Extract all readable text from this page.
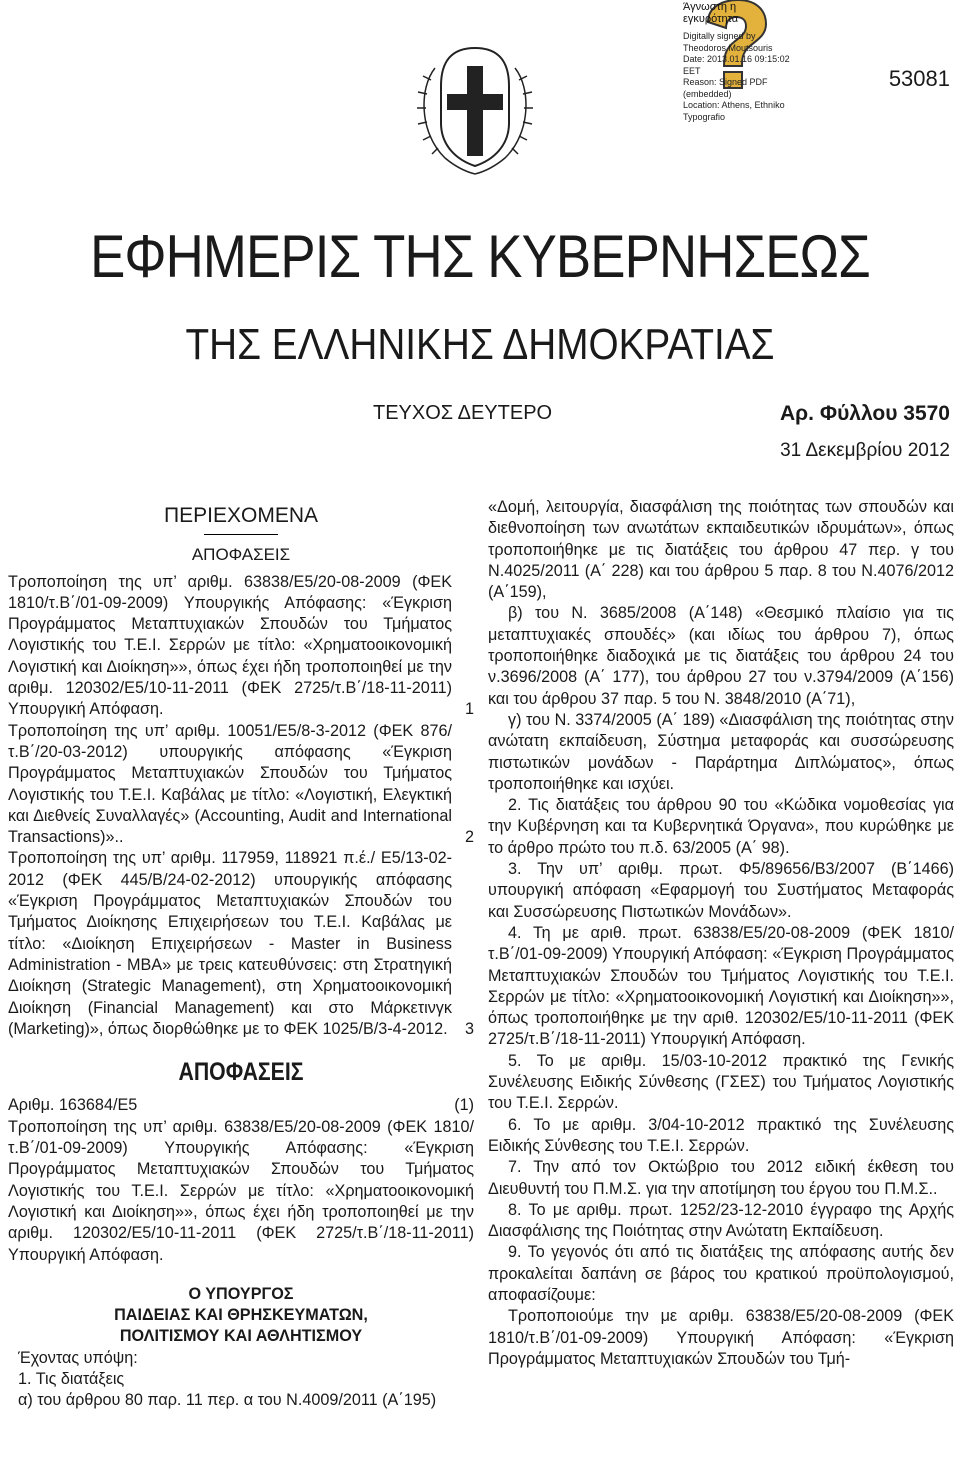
Άγνωστη η
εγκυρότητα
Digitally signed by
Theodoros Moutsouris
Date: 2013.01.16 09:15:02
EET
Reason: Signed PDF
(embedded)
Location: Athens, Ethniko
Typografio
53081
ΕΦΗΜΕΡΙΣ ΤΗΣ ΚΥΒΕΡΝΗΣΕΩΣ
ΤΗΣ ΕΛΛΗΝΙΚΗΣ ΔΗΜΟΚΡΑΤΙΑΣ
ΤΕΥΧΟΣ ΔΕΥΤΕΡΟ	Αρ. Φύλλου 3570
31 Δεκεμβρίου 2012
ΠΕΡΙΕΧΟΜΕΝΑ
ΑΠΟΦΑΣΕΙΣ
Τροποποίηση της υπ’ αριθμ. 63838/Ε5/20-08-2009 (ΦΕΚ 1810/τ.Β΄/01-09-2009) Υπουργικής Απόφασης: «Έγκριση Προγράμματος Μεταπτυχιακών Σπουδών του Τμήματος Λογιστικής του Τ.Ε.Ι. Σερρών με τίτλο: «Χρηματοοικονομική Λογιστική και Διοίκηση»», όπως έχει ήδη τροποποιηθεί με την αριθμ. 120302/Ε5/10-11-2011 (ΦΕΚ 2725/τ.Β΄/18-11-2011) Υπουργική Απόφαση.	1
Τροποποίηση της υπ’ αριθμ. 10051/Ε5/8-3-2012 (ΦΕΚ 876/τ.Β΄/20-03-2012) υπουργικής απόφασης «Έγκριση Προγράμματος Μεταπτυχιακών Σπουδών του Τμήματος Λογιστικής του Τ.Ε.Ι. Καβάλας με τίτλο: «Λογιστική, Ελεγκτική και Διεθνείς Συναλλαγές» (Accounting, Audit and International Transactions)»..	2
Τροποποίηση της υπ’ αριθμ. 117959, 118921 π.έ./ Ε5/13-02-2012 (ΦΕΚ 445/Β/24-02-2012) υπουργικής απόφασης «Έγκριση Προγράμματος Μεταπτυχιακών Σπουδών του Τμήματος Διοίκησης Επιχειρήσεων του Τ.Ε.Ι. Καβάλας με τίτλο: «Διοίκηση Επιχειρήσεων - Master in Business Administration - MBA» με τρεις κατευθύνσεις: στη Στρατηγική Διοίκηση (Strategic Management), στη Χρηματοοικονομική Διοίκηση (Financial Management) και στο Μάρκετινγκ (Marketing)», όπως διορθώθηκε με το ΦΕΚ 1025/Β/3-4-2012. 3
ΑΠΟΦΑΣΕΙΣ
Αριθμ. 163684/Ε5	(1)

Τροποποίηση της υπ’ αριθμ. 63838/Ε5/20-08-2009 (ΦΕΚ 1810/τ.Β΄/01-09-2009) Υπουργικής Απόφασης: «Έγκριση Προγράμματος Μεταπτυχιακών Σπουδών του Τμήματος Λογιστικής του Τ.Ε.Ι. Σερρών με τίτλο: «Χρηματοοικονομική Λογιστική και Διοίκηση»», όπως έχει ήδη τροποποιηθεί με την αριθμ. 120302/Ε5/10-11-2011 (ΦΕΚ 2725/τ.Β΄/18-11-2011) Υπουργική Απόφαση.

Ο ΥΠΟΥΡΓΟΣ
ΠΑΙΔΕΙΑΣ ΚΑΙ ΘΡΗΣΚΕΥΜΑΤΩΝ,
ΠΟΛΙΤΙΣΜΟΥ ΚΑΙ ΑΘΛΗΤΙΣΜΟΥ

Έχοντας υπόψη:

1. Τις διατάξεις

α) του άρθρου 80 παρ. 11 περ. α του Ν.4009/2011 (Α΄195)

«Δομή, λειτουργία, διασφάλιση της ποιότητας των σπουδών και διεθνοποίηση των ανωτάτων εκπαιδευτικών ιδρυμάτων», όπως τροποποιήθηκε με τις διατάξεις του άρθρου 47 περ. γ του Ν.4025/2011 (Α΄ 228) και του άρθρου 5 παρ. 8 του Ν.4076/2012 (Α΄159),

β) του Ν. 3685/2008 (Α΄148) «Θεσμικό πλαίσιο για τις μεταπτυχιακές σπουδές» (και ιδίως του άρθρου 7), όπως τροποποιήθηκε διαδοχικά με τις διατάξεις του άρθρου 24 του ν.3696/2008 (Α΄ 177), του άρθρου 27 του ν.3794/2009 (Α΄156) και του άρθρου 37 παρ. 5 του Ν. 3848/2010 (Α΄71),

γ) του Ν. 3374/2005 (Α΄ 189) «Διασφάλιση της ποιότητας στην ανώτατη εκπαίδευση, Σύστημα μεταφοράς και συσσώρευσης πιστωτικών μονάδων - Παράρτημα Διπλώματος», όπως τροποποιήθηκε και ισχύει.

2. Τις διατάξεις του άρθρου 90 του «Κώδικα νομοθεσίας για την Κυβέρνηση και τα Κυβερνητικά Όργανα», που κυρώθηκε με το άρθρο πρώτο του π.δ. 63/2005 (Α΄ 98).

3. Την υπ’ αριθμ. πρωτ. Φ5/89656/Β3/2007 (Β΄1466) υπουργική απόφαση «Εφαρμογή του Συστήματος Μεταφοράς και Συσσώρευσης Πιστωτικών Μονάδων».

4. Τη με αριθ. πρωτ. 63838/Ε5/20-08-2009 (ΦΕΚ 1810/τ.Β΄/01-09-2009) Υπουργική Απόφαση: «Έγκριση Προγράμματος Μεταπτυχιακών Σπουδών του Τμήματος Λογιστικής του Τ.Ε.Ι. Σερρών με τίτλο: «Χρηματοοικονομική Λογιστική και Διοίκηση»», όπως τροποποιήθηκε με την αριθ. 120302/Ε5/10-11-2011 (ΦΕΚ 2725/τ.Β΄/18-11-2011) Υπουργική Απόφαση.

5. Το με αριθμ. 15/03-10-2012 πρακτικό της Γενικής Συνέλευσης Ειδικής Σύνθεσης (ΓΣΕΣ) του Τμήματος Λογιστικής του Τ.Ε.Ι. Σερρών.

6. Το με αριθμ. 3/04-10-2012 πρακτικό της Συνέλευσης Ειδικής Σύνθεσης του Τ.Ε.Ι. Σερρών.

7. Την από τον Οκτώβριο του 2012 ειδική έκθεση του Διευθυντή του Π.Μ.Σ. για την αποτίμηση του έργου του Π.Μ.Σ..

8. Το με αριθμ. πρωτ. 1252/23-12-2010 έγγραφο της Αρχής Διασφάλισης της Ποιότητας στην Ανώτατη Εκπαίδευση.

9. Το γεγονός ότι από τις διατάξεις της απόφασης αυτής δεν προκαλείται δαπάνη σε βάρος του κρατικού προϋπολογισμού, αποφασίζουμε:

Τροποποιούμε την με αριθμ. 63838/Ε5/20-08-2009 (ΦΕΚ 1810/τ.Β΄/01-09-2009) Υπουργική Απόφαση: «Έγκριση Προγράμματος Μεταπτυχιακών Σπουδών του Τμή-
